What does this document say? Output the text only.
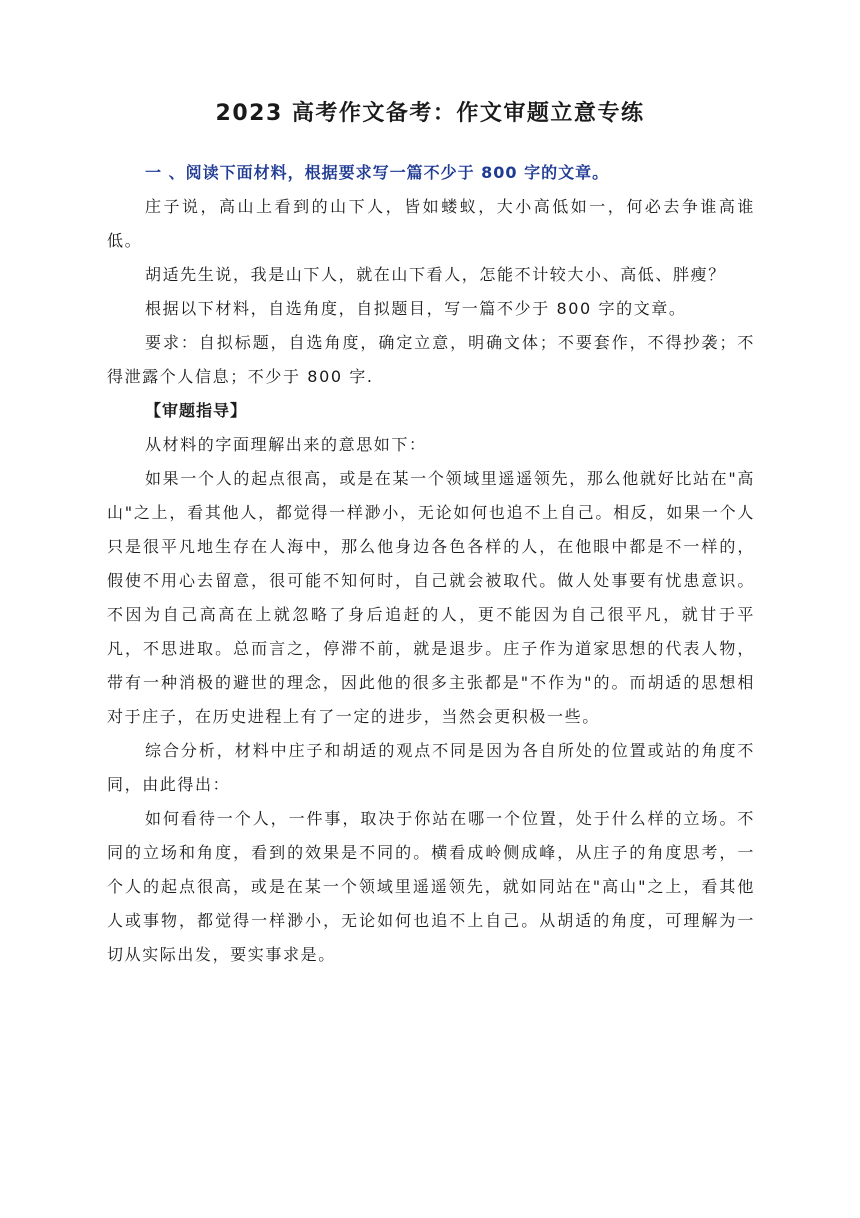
2023 高考作文备考：作文审题立意专练

一 、阅读下面材料，根据要求写一篇不少于 800 字的文章。

庄子说，高山上看到的山下人，皆如蝼蚁，大小高低如一，何必去争谁高谁低。

胡适先生说，我是山下人，就在山下看人，怎能不计较大小、高低、胖瘦？

根据以下材料，自选角度，自拟题目，写一篇不少于 800 字的文章。

要求：自拟标题，自选角度，确定立意，明确文体；不要套作，不得抄袭；不得泄露个人信息；不少于 800 字.

【审题指导】

从材料的字面理解出来的意思如下：

如果一个人的起点很高，或是在某一个领域里遥遥领先，那么他就好比站在"高山"之上，看其他人，都觉得一样渺小，无论如何也追不上自己。相反，如果一个人只是很平凡地生存在人海中，那么他身边各色各样的人，在他眼中都是不一样的，假使不用心去留意，很可能不知何时，自己就会被取代。做人处事要有忧患意识。不因为自己高高在上就忽略了身后追赶的人，更不能因为自己很平凡，就甘于平凡，不思进取。总而言之，停滞不前，就是退步。庄子作为道家思想的代表人物，带有一种消极的避世的理念，因此他的很多主张都是"不作为"的。而胡适的思想相对于庄子，在历史进程上有了一定的进步，当然会更积极一些。

综合分析，材料中庄子和胡适的观点不同是因为各自所处的位置或站的角度不同，由此得出：

如何看待一个人，一件事，取决于你站在哪一个位置，处于什么样的立场。不同的立场和角度，看到的效果是不同的。横看成岭侧成峰，从庄子的角度思考，一个人的起点很高，或是在某一个领域里遥遥领先，就如同站在"高山"之上，看其他人或事物，都觉得一样渺小，无论如何也追不上自己。从胡适的角度，可理解为一切从实际出发，要实事求是。
